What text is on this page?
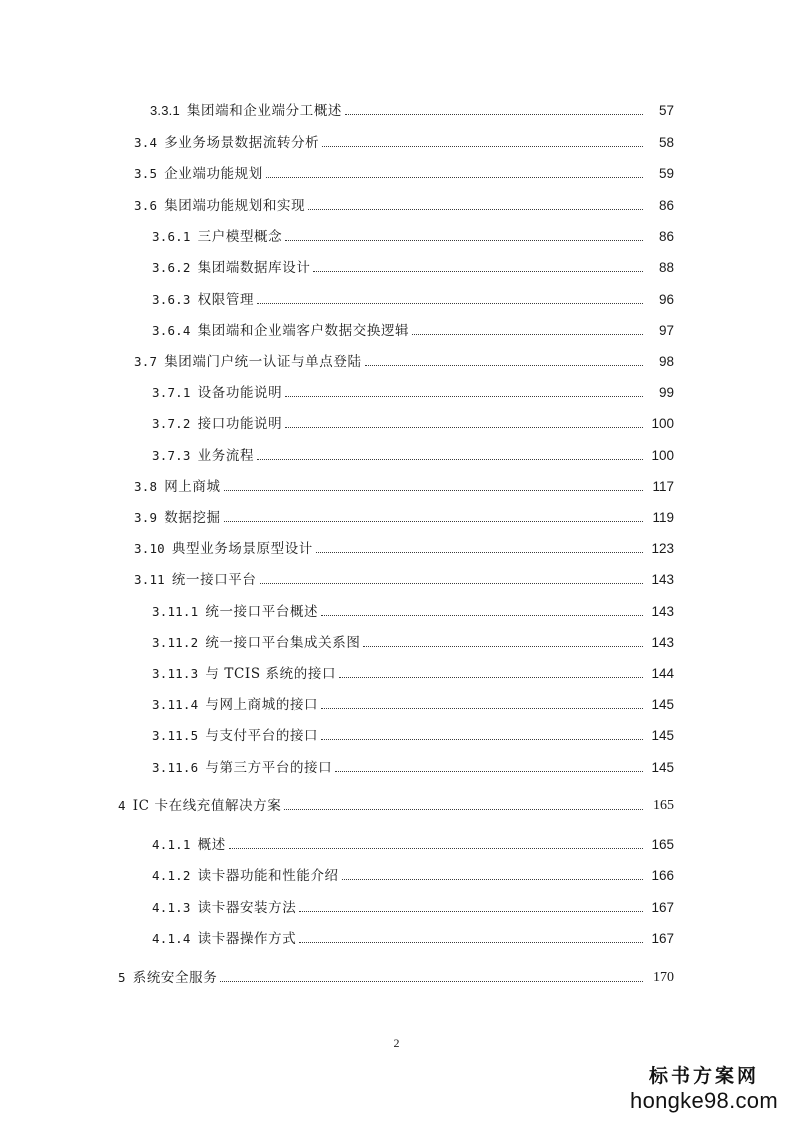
3.3.1 集团端和企业端分工概述	57
3.4 多业务场景数据流转分析	58
3.5 企业端功能规划	59
3.6 集团端功能规划和实现	86
3.6.1 三户模型概念	86
3.6.2 集团端数据库设计	88
3.6.3 权限管理	96
3.6.4 集团端和企业端客户数据交换逻辑	97
3.7 集团端门户统一认证与单点登陆	98
3.7.1 设备功能说明	99
3.7.2 接口功能说明	100
3.7.3 业务流程	100
3.8 网上商城	117
3.9 数据挖掘	119
3.10 典型业务场景原型设计	123
3.11 统一接口平台	143
3.11.1 统一接口平台概述	143
3.11.2 统一接口平台集成关系图	143
3.11.3 与 TCIS 系统的接口	144
3.11.4 与网上商城的接口	145
3.11.5 与支付平台的接口	145
3.11.6 与第三方平台的接口	145
4 IC 卡在线充值解决方案	165
4.1.1 概述	165
4.1.2 读卡器功能和性能介绍	166
4.1.3 读卡器安装方法	167
4.1.4 读卡器操作方式	167
5 系统安全服务	170
2
标书方案网
hongke98.com
